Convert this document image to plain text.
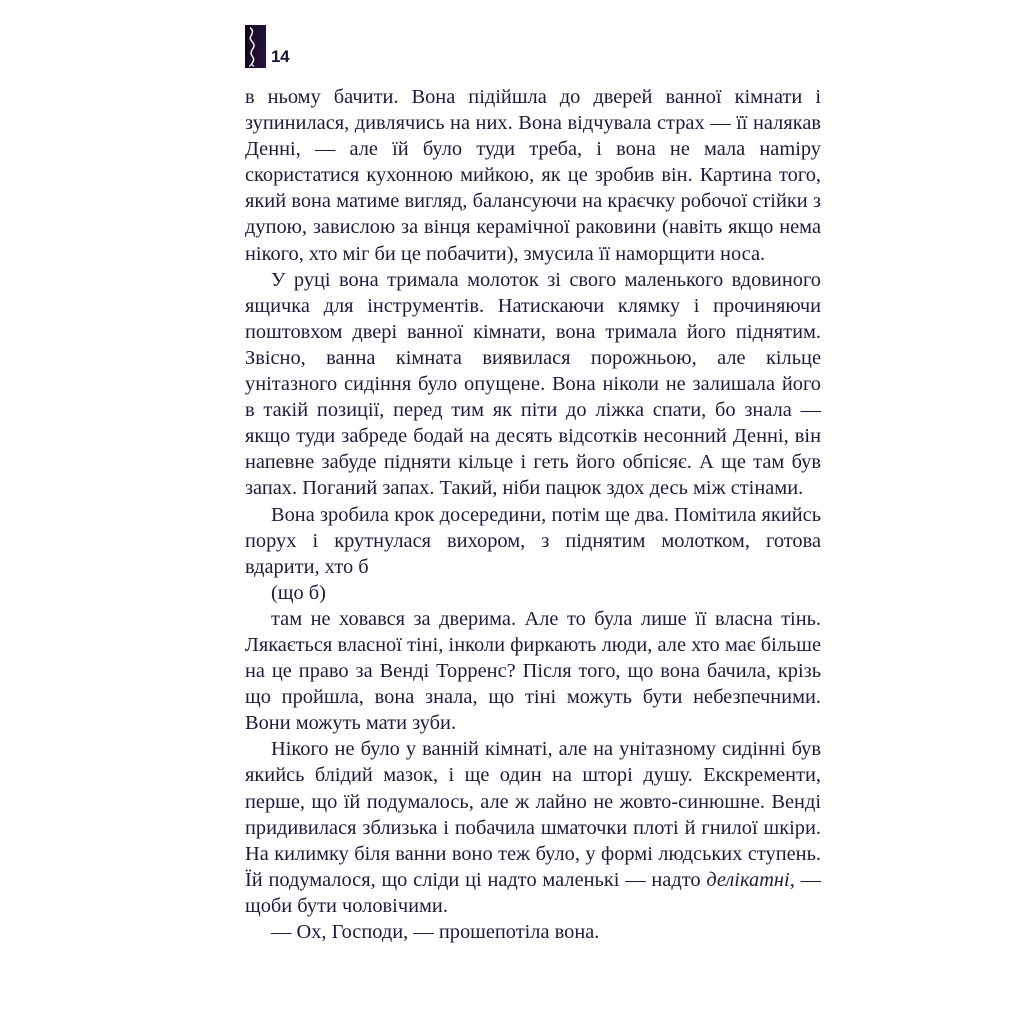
14

в ньому бачити. Вона підійшла до дверей ванної кімнати і зупинилася, дивлячись на них. Вона відчувала страх — її налякав Денні, — але їй було туди треба, і вона не мала наmіру скористатися кухонною мийкою, як це зробив він. Картина того, який вона матиме вигляд, балансуючи на краєчку робочої стійки з дупою, завислою за вінця керамічної раковини (навіть якщо нема нікого, хто міг би це побачити), змусила її наморщити носа.

У руці вона тримала молоток зі свого маленького вдовиного ящичка для інструментів. Натискаючи клямку і прочиняючи поштовхом двері ванної кімнати, вона тримала його піднятим. Звісно, ванна кімната виявилася порожньою, але кільце унітазного сидіння було опущене. Вона ніколи не залишала його в такій позиції, перед тим як піти до ліжка спати, бо знала — якщо туди забреде бодай на десять відсотків несонний Денні, він напевне забуде підняти кільце і геть його обпісяє. А ще там був запах. Поганий запах. Такий, ніби пацюк здох десь між стінами.

Вона зробила крок досередини, потім ще два. Помітила якийсь порух і крутнулася вихором, з піднятим молотком, готова вдарити, хто б

(що б)

там не ховався за дверима. Але то була лише її власна тінь. Лякається власної тіні, інколи фиркають люди, але хто має більше на це право за Венді Торренс? Після того, що вона бачила, крізь що пройшла, вона знала, що тіні можуть бути небезпечними. Вони можуть мати зуби.

Нікого не було у ванній кімнаті, але на унітазному сидінні був якийсь блідий мазок, і ще один на шторі душу. Екскременти, перше, що їй подумалось, але ж лайно не жовто-синюшне. Венді придивилася зблизька і побачила шматочки плоті й гнилої шкіри. На килимку біля ванни воно теж було, у формі людських ступень. Їй подумалося, що сліди ці надто маленькі — надто делікатні, — щоби бути чоловічими.

— Ох, Господи, — прошепотіла вона.
